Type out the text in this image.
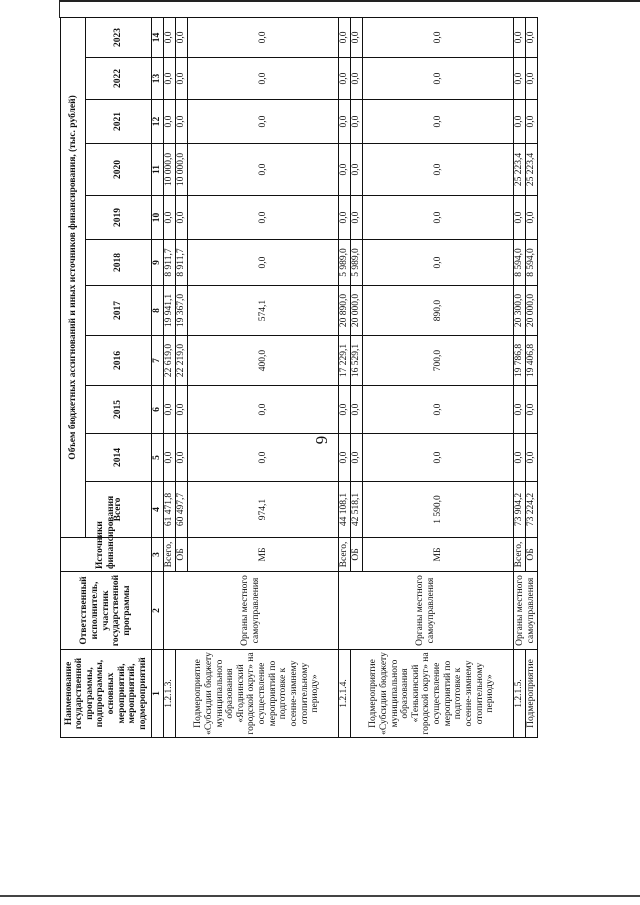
6
Наименование государственной программы, подпрограммы, основных мероприятий, мероприятий, подмероприятий	Ответственный исполнитель, участник государственной программы	Источники финансирования	Объем бюджетных ассигнований и иных источников финансирования, (тыс. рублей)										
			Всего	2014	2015	2016	2017	2018	2019	2020	2021	2022	2023
1	2	3	4	5	6	7	8	9	10	11	12	13	14
1.2.1.3.	Органы местного самоуправления	Всего,	61 471,8	0,0	0,0	22 619,0	19 941,1	8 911,7	0,0	10 000,0	0,0	0,0	0,0
Подмероприятие «Субсидии бюджету муниципального образования «Ягоднинский городской округ» на осуществление мероприятий по подготовке к осенне-зимнему отопительному периоду»		ОБ	60 497,7	0,0	0,0	22 219,0	19 367,0	8 911,7	0,0	10 000,0	0,0	0,0	0,0
		МБ	974,1	0,0	0,0	400,0	574,1	0,0	0,0	0,0	0,0	0,0	0,0
1.2.1.4.	Органы местного самоуправления	Всего,	44 108,1	0,0	0,0	17 229,1	20 890,0	5 989,0	0,0	0,0	0,0	0,0	0,0
Подмероприятие «Субсидии бюджету муниципального образования «Тенькинский городской округ» на осуществление мероприятий по подготовке к осенне-зимнему отопительному периоду»		ОБ	42 518,1	0,0	0,0	16 529,1	20 000,0	5 989,0	0,0	0,0	0,0	0,0	0,0
		МБ	1 590,0	0,0	0,0	700,0	890,0	0,0	0,0	0,0	0,0	0,0	0,0
1.2.1.5.	Органы местного самоуправления	Всего,	73 904,2	0,0	0,0	19 786,8	20 300,0	8 594,0	0,0	25 223,4	0,0	0,0	0,0
Подмероприятие		ОБ	73 224,2	0,0	0,0	19 406,8	20 000,0	8 594,0	0,0	25 223,4	0,0	0,0	0,0
